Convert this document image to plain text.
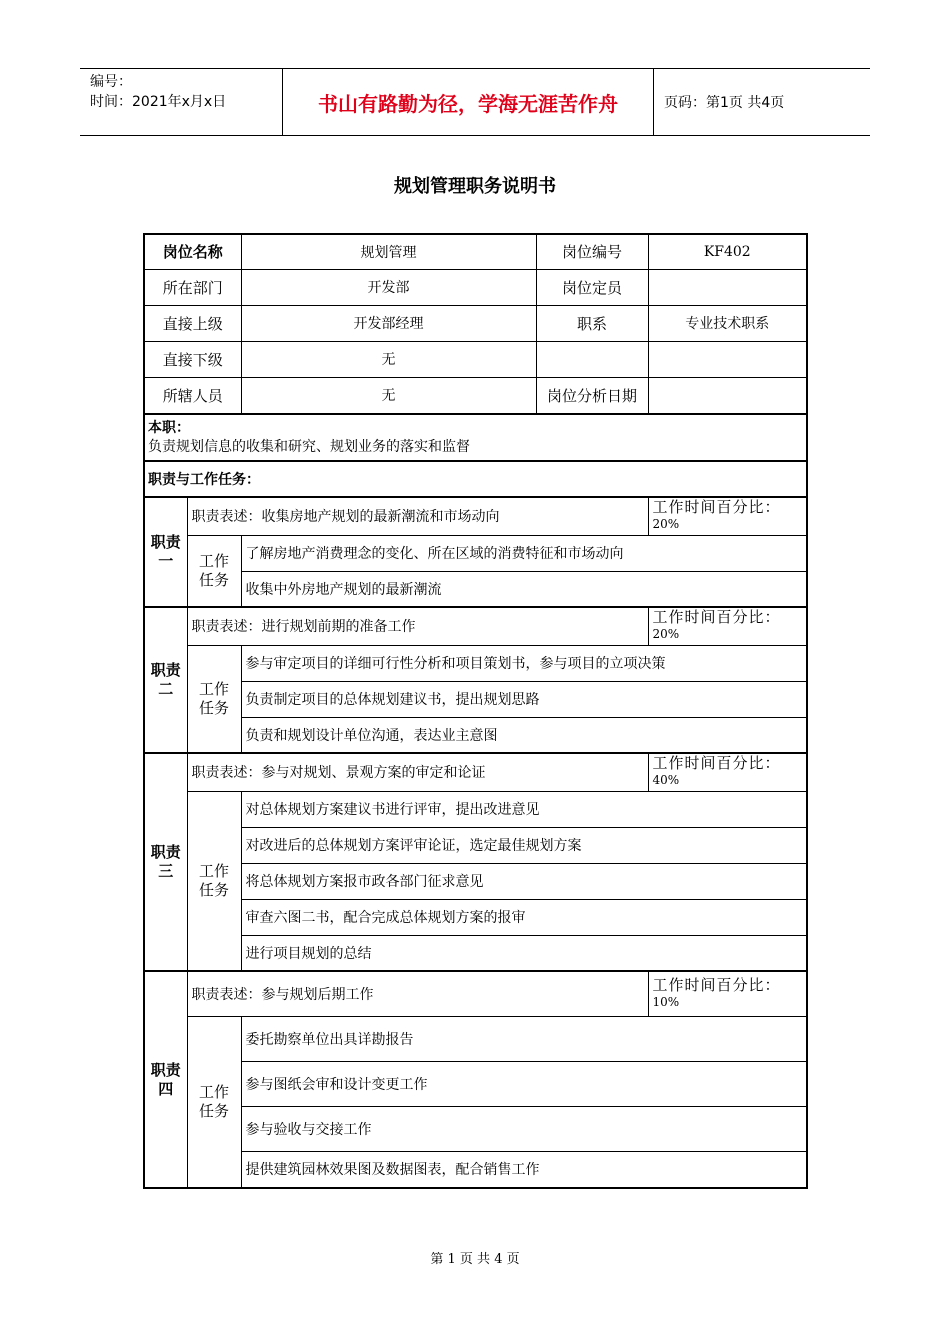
编号：
时间：2021年x月x日	书山有路勤为径，学海无涯苦作舟	页码：第1页 共4页
规划管理职务说明书
岗位名称		规划管理	岗位编号	KF402
所在部门		开发部	岗位定员	
直接上级		开发部经理	职系	专业技术职系
直接下级		无		
所辖人员		无	岗位分析日期	

本职：
负责规划信息的收集和研究、规划业务的落实和监督				

职责与工作任务：				
职责一	职责表述：收集房地产规划的最新潮流和市场动向			工作时间百分比：
20%

	工作任务	了解房地产消费理念的变化、所在区域的消费特征和市场动向		
		收集中外房地产规划的最新潮流		
职责二	职责表述：进行规划前期的准备工作			工作时间百分比：
20%

	工作任务	参与审定项目的详细可行性分析和项目策划书，参与项目的立项决策		
		负责制定项目的总体规划建议书，提出规划思路		
		负责和规划设计单位沟通，表达业主意图		
职责三	职责表述：参与对规划、景观方案的审定和论证			工作时间百分比：
40%

	工作任务	对总体规划方案建议书进行评审，提出改进意见		
		对改进后的总体规划方案评审论证，选定最佳规划方案		
		将总体规划方案报市政各部门征求意见		
		审查六图二书，配合完成总体规划方案的报审		
		进行项目规划的总结		
职责四	职责表述：参与规划后期工作			工作时间百分比：
10%

	工作任务	委托勘察单位出具详勘报告		
		参与图纸会审和设计变更工作		
		参与验收与交接工作		
		提供建筑园林效果图及数据图表，配合销售工作		
第 1 页 共 4 页
